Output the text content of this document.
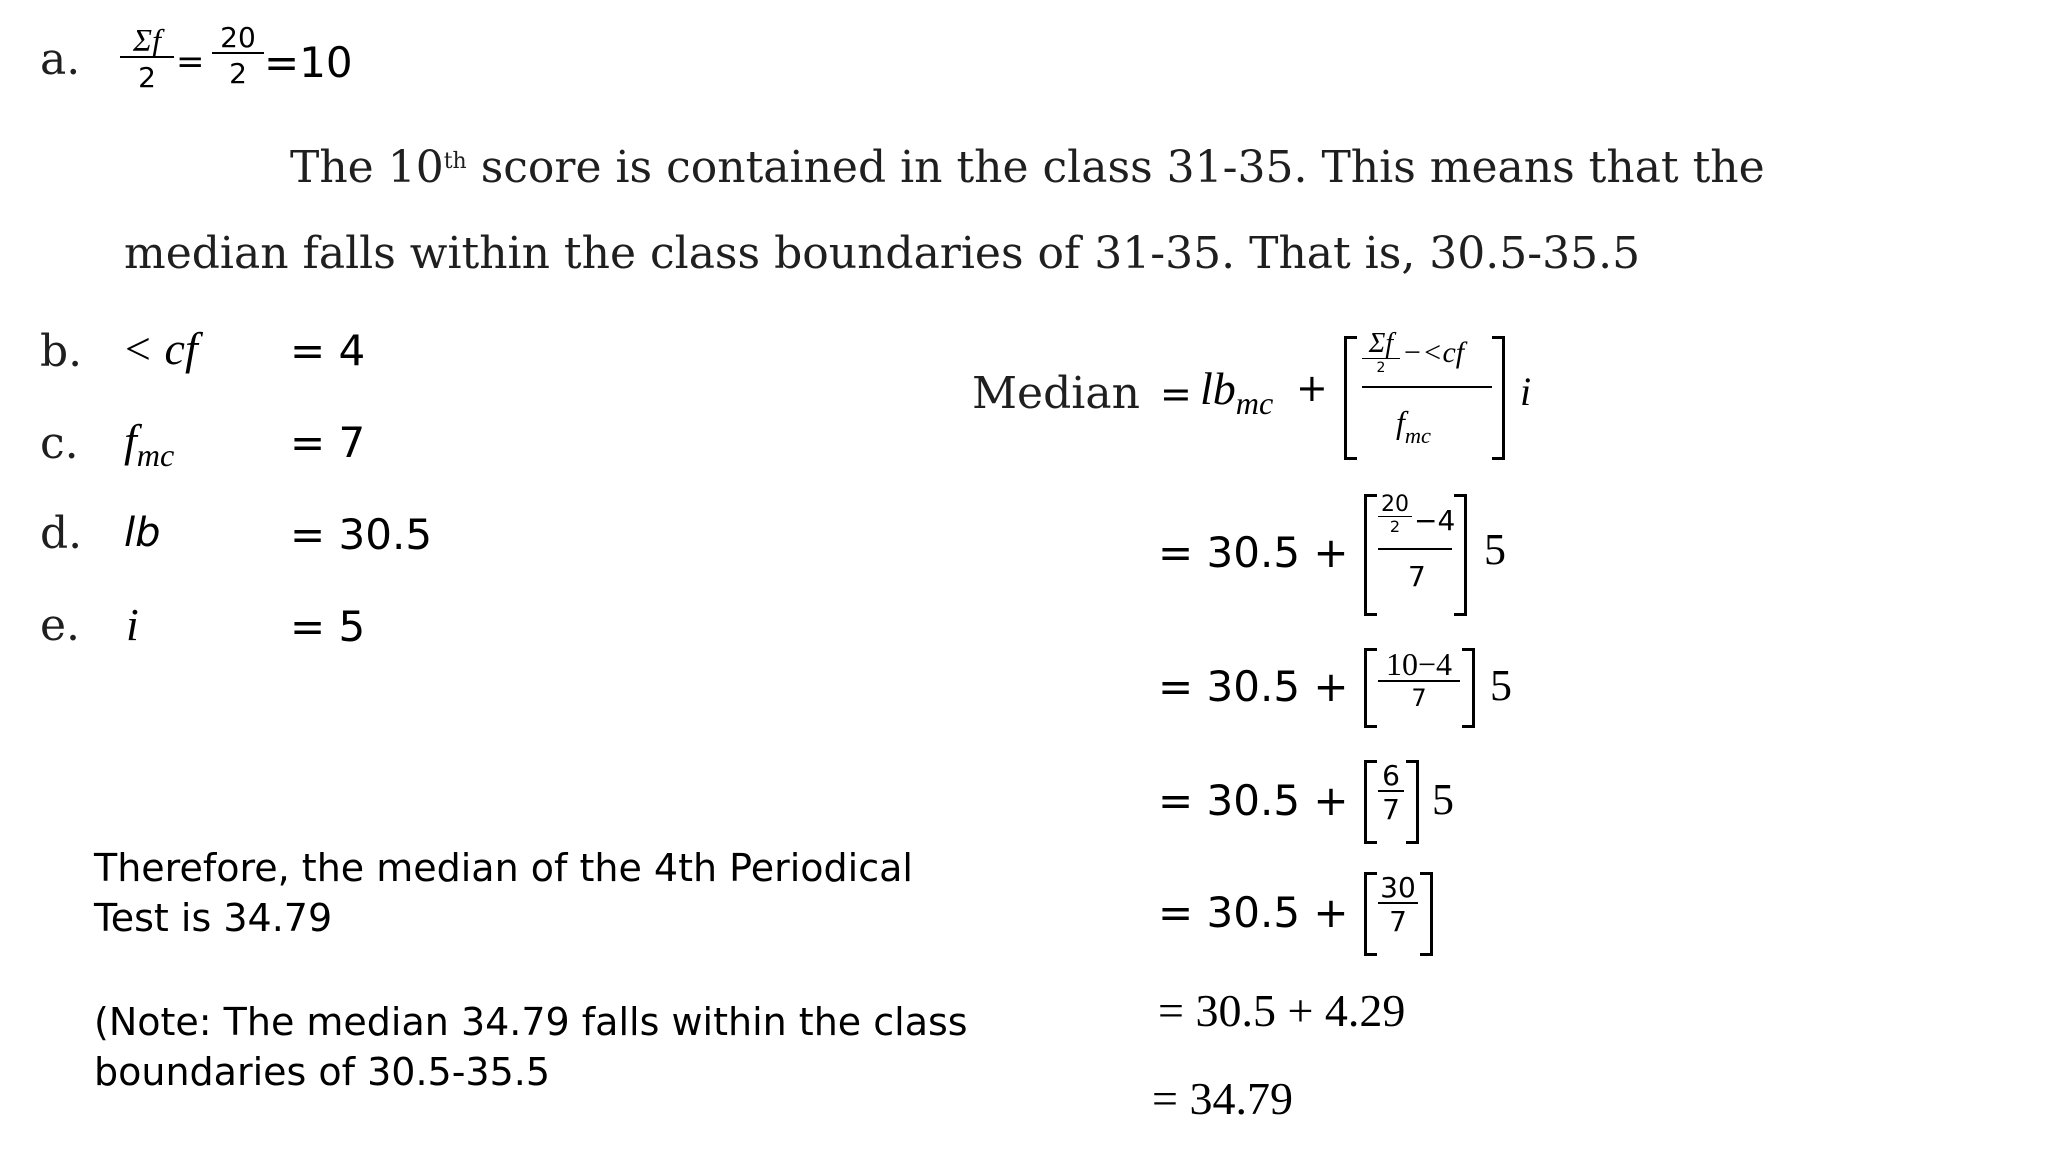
a. Σf
2 =
20
2 =10
The 10th score is contained in the class 31-35. This means that the
median falls within the class boundaries of 31-35. That is, 30.5-35.5
b. < cf = 4
c. $f_{mc}$	= 7
d. lb	= 30.5
e. i	= 5
Median = $lb_{mc}$ +
Σf
2 −<cf
$f_{mc}$
i
= 30.5 +
20
2 −4
7
5
= 30.5 + 10−4
7 5
= 30.5 +
6
7 5
= 30.5 +
30
7
= 30.5 + 4.29
= 34.79
Therefore, the median of the 4th Periodical
Test is 34.79
(Note: The median 34.79 falls within the class
boundaries of 30.5-35.5
